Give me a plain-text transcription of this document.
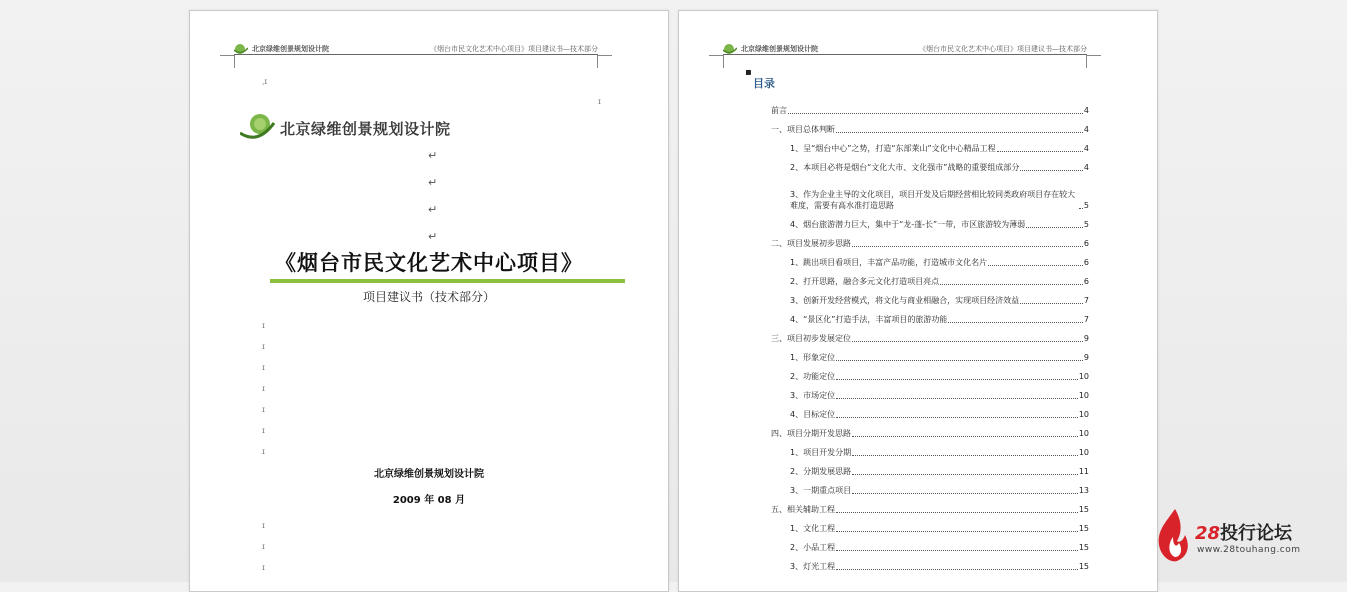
北京绿维创景规划设计院	《烟台市民文化艺术中心项目》项目建议书—技术部分
ˌɪ
ɪ
北京绿维创景规划设计院
↵
↵
↵
↵
《烟台市民文化艺术中心项目》
项目建议书（技术部分）
ɪ
ɪ
ɪ
ɪ
ɪ
ɪ
ɪ
北京绿维创景规划设计院
2009 年 08 月
ɪ
ɪ
ɪ
北京绿维创景规划设计院	《烟台市民文化艺术中心项目》项目建议书—技术部分
▪
目录
前言	4
一、项目总体判断	4
1、呈“烟台中心”之势，打造“东部莱山”文化中心精品工程	4
2、本项目必将是烟台“文化大市、文化强市”战略的重要组成部分	4
3、作为企业主导的文化项目，项目开发及后期经营相比较同类政府项目存在较大难度，需要有高水准打造思路	5
4、烟台旅游潜力巨大，集中于“龙-蓬-长”一带，市区旅游较为薄弱	5
二、项目发展初步思路	6
1、跳出项目看项目，丰富产品功能，打造城市文化名片	6
2、打开思路，融合多元文化打造项目亮点	6
3、创新开发经营模式，将文化与商业相融合，实现项目经济效益	7
4、“景区化”打造手法，丰富项目的旅游功能	7
三、项目初步发展定位	9
1、形象定位	9
2、功能定位	10
3、市场定位	10
4、目标定位	10
四、项目分期开发思路	10
1、项目开发分期	10
2、分期发展思路	11
3、一期重点项目	13
五、相关辅助工程	15
1、文化工程	15
2、小品工程	15
3、灯光工程	15
28投行论坛
www.28touhang.com
